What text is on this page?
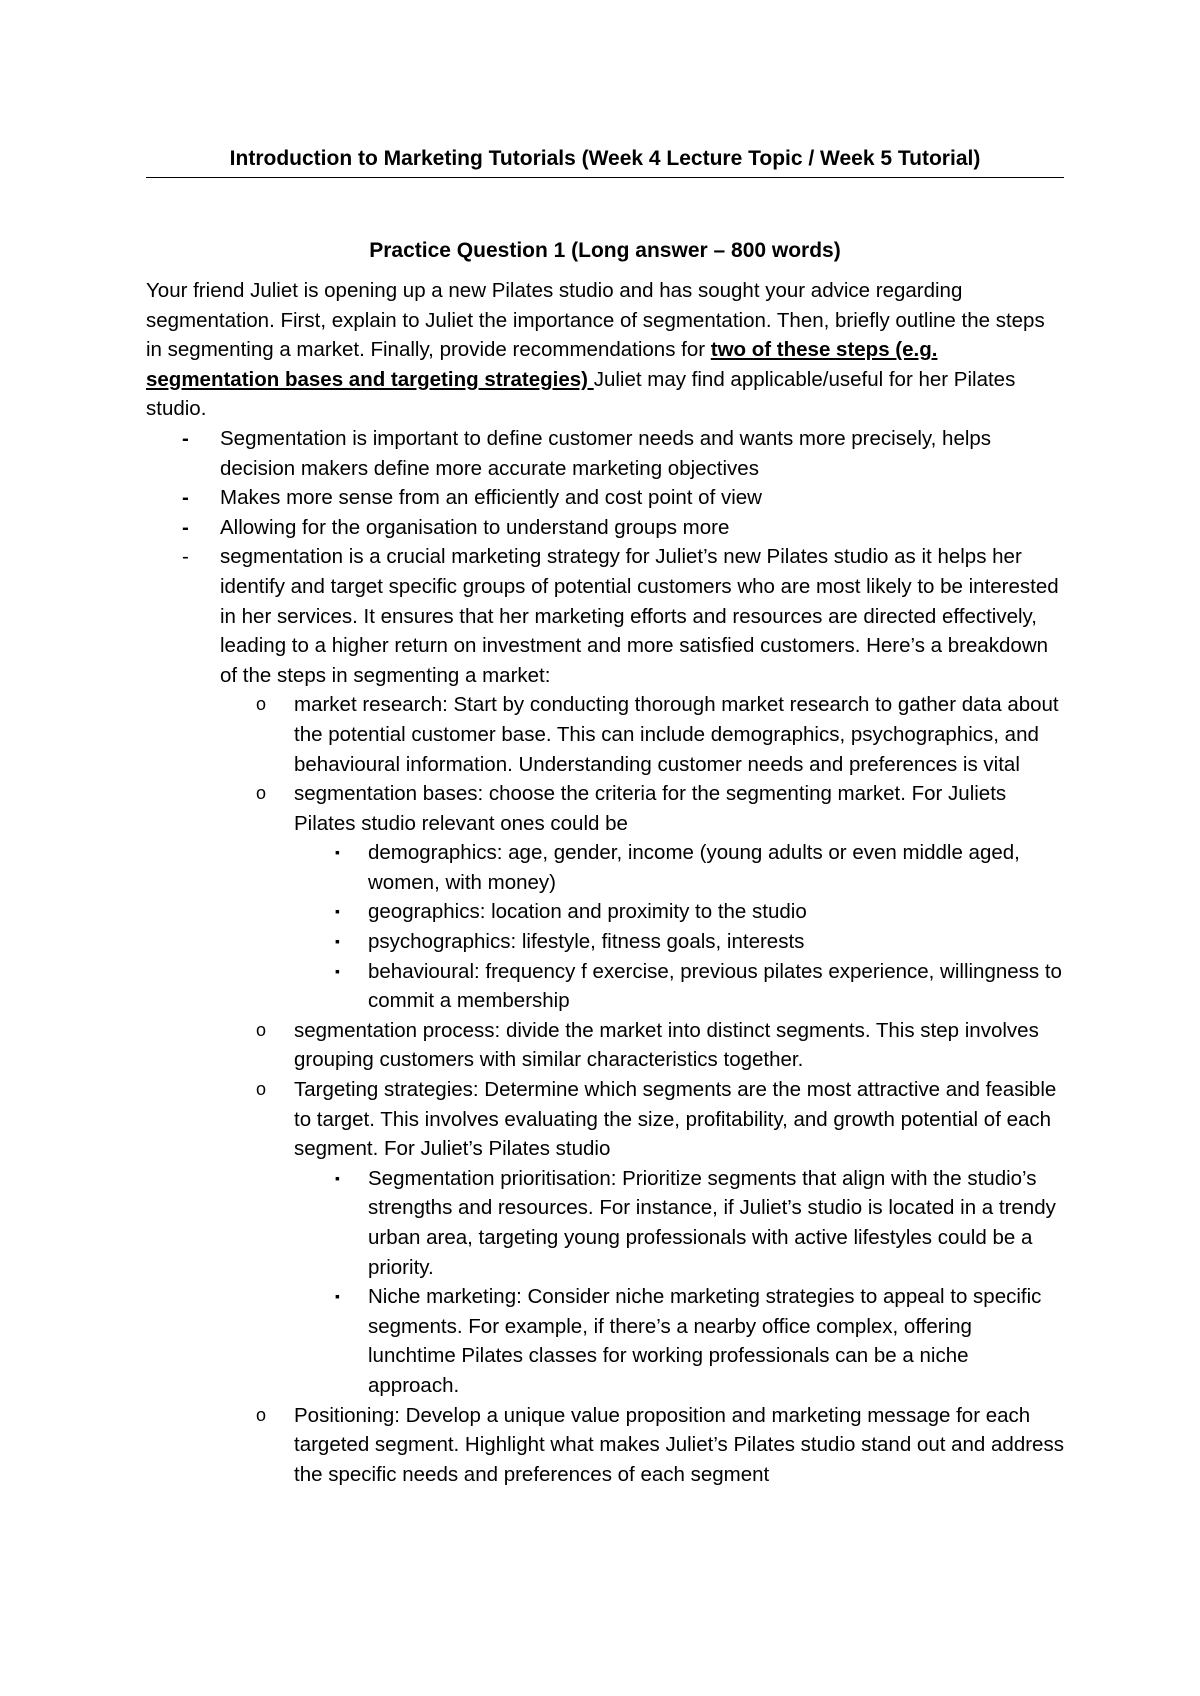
Introduction to Marketing Tutorials (Week 4 Lecture Topic / Week 5 Tutorial)
Practice Question 1 (Long answer – 800 words)

Your friend Juliet is opening up a new Pilates studio and has sought your advice regarding segmentation. First, explain to Juliet the importance of segmentation. Then, briefly outline the steps in segmenting a market. Finally, provide recommendations for two of these steps (e.g. segmentation bases and targeting strategies) Juliet may find applicable/useful for her Pilates studio.

- Segmentation is important to define customer needs and wants more precisely, helps decision makers define more accurate marketing objectives
- Makes more sense from an efficiently and cost point of view
- Allowing for the organisation to understand groups more
- segmentation is a crucial marketing strategy for Juliet’s new Pilates studio as it helps her identify and target specific groups of potential customers who are most likely to be interested in her services. It ensures that her marketing efforts and resources are directed effectively, leading to a higher return on investment and more satisfied customers. Here’s a breakdown of the steps in segmenting a market:
o market research: Start by conducting thorough market research to gather data about the potential customer base. This can include demographics, psychographics, and behavioural information. Understanding customer needs and preferences is vital
o segmentation bases: choose the criteria for the segmenting market. For Juliets Pilates studio relevant ones could be
▪ demographics: age, gender, income (young adults or even middle aged, women, with money)
▪ geographics: location and proximity to the studio
▪ psychographics: lifestyle, fitness goals, interests
▪ behavioural: frequency f exercise, previous pilates experience, willingness to commit a membership
o segmentation process: divide the market into distinct segments. This step involves grouping customers with similar characteristics together.
o Targeting strategies: Determine which segments are the most attractive and feasible to target. This involves evaluating the size, profitability, and growth potential of each segment. For Juliet’s Pilates studio
▪ Segmentation prioritisation: Prioritize segments that align with the studio’s strengths and resources. For instance, if Juliet’s studio is located in a trendy urban area, targeting young professionals with active lifestyles could be a priority.
▪ Niche marketing: Consider niche marketing strategies to appeal to specific segments. For example, if there’s a nearby office complex, offering lunchtime Pilates classes for working professionals can be a niche approach.
o Positioning: Develop a unique value proposition and marketing message for each targeted segment. Highlight what makes Juliet’s Pilates studio stand out and address the specific needs and preferences of each segment
